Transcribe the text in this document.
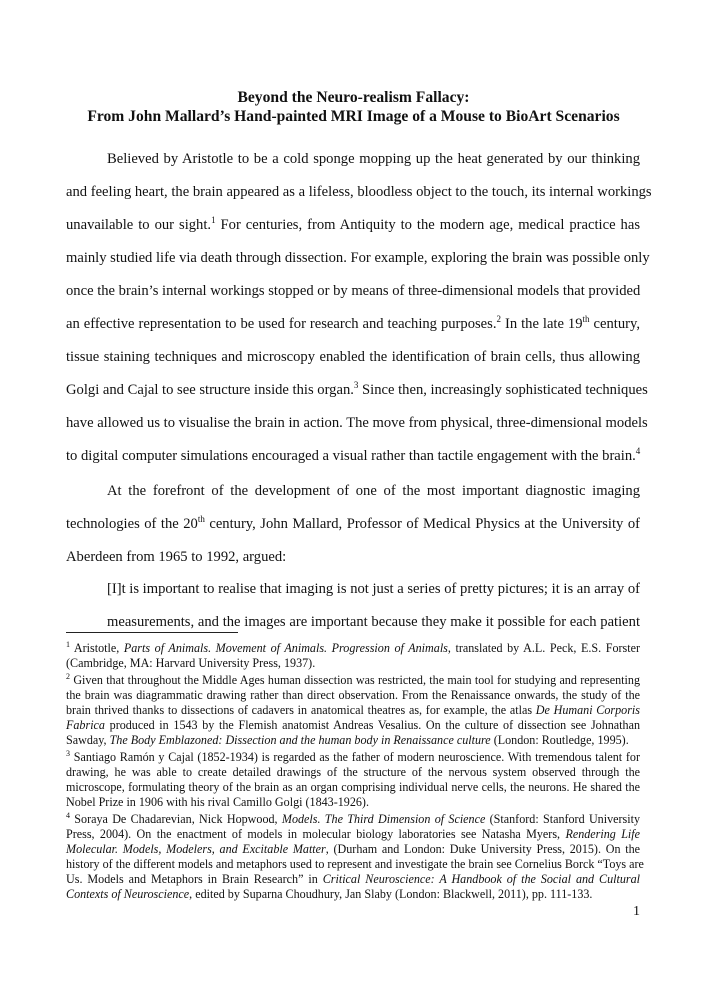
Beyond the Neuro-realism Fallacy:
From John Mallard’s Hand-painted MRI Image of a Mouse to BioArt Scenarios
Believed by Aristotle to be a cold sponge mopping up the heat generated by our thinking
and feeling heart, the brain appeared as a lifeless, bloodless object to the touch, its internal workings
unavailable to our sight.$^1$ For centuries, from Antiquity to the modern age, medical practice has
mainly studied life via death through dissection. For example, exploring the brain was possible only
once the brain’s internal workings stopped or by means of three-dimensional models that provided
an effective representation to be used for research and teaching purposes.$^2$ In the late 19th century,
tissue staining techniques and microscopy enabled the identification of brain cells, thus allowing
Golgi and Cajal to see structure inside this organ.$^3$ Since then, increasingly sophisticated techniques
have allowed us to visualise the brain in action. The move from physical, three-dimensional models
to digital computer simulations encouraged a visual rather than tactile engagement with the brain.$^4$
At the forefront of the development of one of the most important diagnostic imaging
technologies of the 20th century, John Mallard, Professor of Medical Physics at the University of
Aberdeen from 1965 to 1992, argued:
[I]t is important to realise that imaging is not just a series of pretty pictures; it is an array of
measurements, and the images are important because they make it possible for each patient
$^1$ Aristotle, Parts of Animals. Movement of Animals. Progression of Animals, translated by A.L. Peck, E.S. Forster
(Cambridge, MA: Harvard University Press, 1937).
$^2$ Given that throughout the Middle Ages human dissection was restricted, the main tool for studying and representing
the brain was diagrammatic drawing rather than direct observation. From the Renaissance onwards, the study of the
brain thrived thanks to dissections of cadavers in anatomical theatres as, for example, the atlas De Humani Corporis
Fabrica produced in 1543 by the Flemish anatomist Andreas Vesalius. On the culture of dissection see Johnathan
Sawday, The Body Emblazoned: Dissection and the human body in Renaissance culture (London: Routledge, 1995).
$^3$ Santiago Ramón y Cajal (1852-1934) is regarded as the father of modern neuroscience. With tremendous talent for
drawing, he was able to create detailed drawings of the structure of the nervous system observed through the
microscope, formulating theory of the brain as an organ comprising individual nerve cells, the neurons. He shared the
Nobel Prize in 1906 with his rival Camillo Golgi (1843-1926).
$^4$ Soraya De Chadarevian, Nick Hopwood, Models. The Third Dimension of Science (Stanford: Stanford University
Press, 2004). On the enactment of models in molecular biology laboratories see Natasha Myers, Rendering Life
Molecular. Models, Modelers, and Excitable Matter, (Durham and London: Duke University Press, 2015). On the
history of the different models and metaphors used to represent and investigate the brain see Cornelius Borck “Toys are
Us. Models and Metaphors in Brain Research” in Critical Neuroscience: A Handbook of the Social and Cultural
Contexts of Neuroscience, edited by Suparna Choudhury, Jan Slaby (London: Blackwell, 2011), pp. 111-133.
1
